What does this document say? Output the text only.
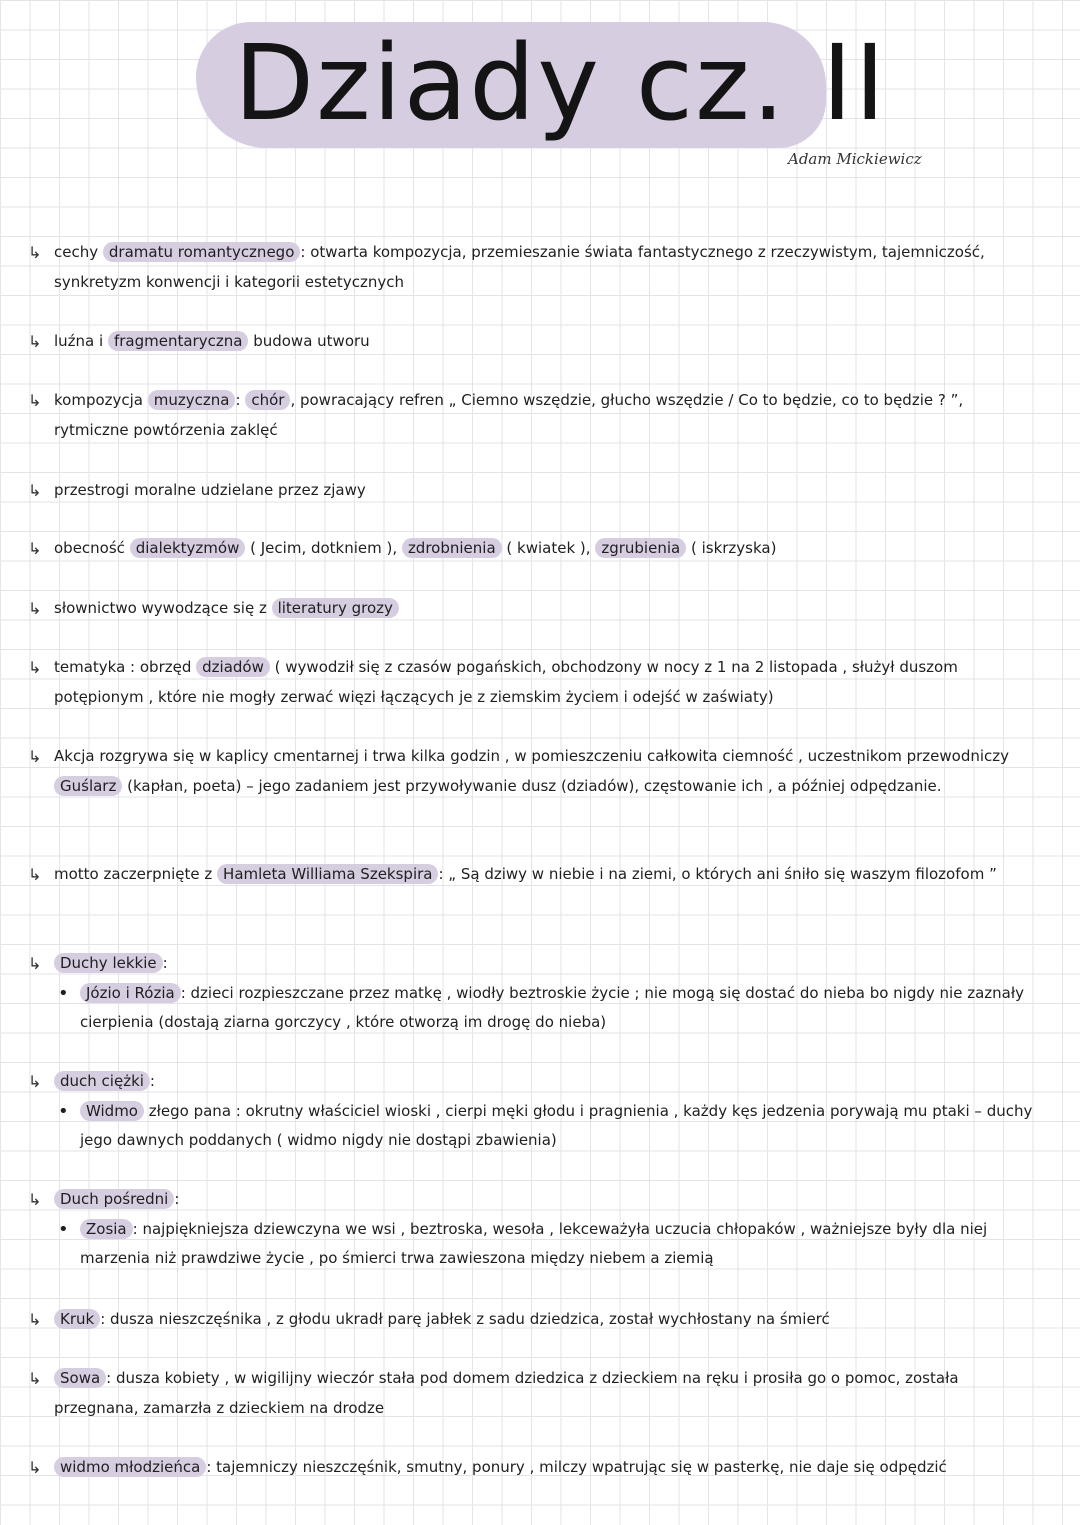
Dziady cz. II
Adam Mickiewicz
↳ cechy dramatu romantycznego : otwarta kompozycja, przemieszanie świata fantastycznego z rzeczywistym, tajemniczość, synkretyzm konwencji i kategorii estetycznych
↳ luźna i fragmentaryczna budowa utworu
↳ kompozycja muzyczna : chór , powracający refren „ Ciemno wszędzie, głucho wszędzie / Co to będzie, co to będzie ? ”, rytmiczne powtórzenia zaklęć
↳ przestrogi moralne udzielane przez zjawy
↳ obecność dialektyzmów ( Jecim, dotkniem ), zdrobnienia ( kwiatek ), zgrubienia ( iskrzyska)
↳ słownictwo wywodzące się z literatury grozy
↳ tematyka : obrzęd dziadów ( wywodził się z czasów pogańskich, obchodzony w nocy z 1 na 2 listopada , służył duszom potępionym , które nie mogły zerwać więzi łączących je z ziemskim życiem i odejść w zaświaty)
↳ Akcja rozgrywa się w kaplicy cmentarnej i trwa kilka godzin , w pomieszczeniu całkowita ciemność , uczestnikom przewodniczy Guślarz (kapłan, poeta) – jego zadaniem jest przywoływanie dusz (dziadów), częstowanie ich , a później odpędzanie.
↳ motto zaczerpnięte z Hamleta Williama Szekspira : „ Są dziwy w niebie i na ziemi, o których ani śniło się waszym filozofom ”
↳	Duchy lekkie :
• Józio i Rózia : dzieci rozpieszczane przez matkę , wiodły beztroskie życie ; nie mogą się dostać do nieba bo nigdy nie zaznały cierpienia (dostają ziarna gorczycy , które otworzą im drogę do nieba)
↳	duch ciężki :
• Widmo złego pana : okrutny właściciel wioski , cierpi męki głodu i pragnienia , każdy kęs jedzenia porywają mu ptaki – duchy jego dawnych poddanych ( widmo nigdy nie dostąpi zbawienia)
↳	Duch pośredni :
• Zosia : najpiękniejsza dziewczyna we wsi , beztroska, wesoła , lekceważyła uczucia chłopaków , ważniejsze były dla niej marzenia niż prawdziwe życie , po śmierci trwa zawieszona między niebem a ziemią
↳	Kruk : dusza nieszczęśnika , z głodu ukradł parę jabłek z sadu dziedzica, został wychłostany na śmierć
↳	Sowa : dusza kobiety , w wigilijny wieczór stała pod domem dziedzica z dzieckiem na ręku i prosiła go o pomoc, została przegnana, zamarzła z dzieckiem na drodze
↳	widmo młodzieńca : tajemniczy nieszczęśnik, smutny, ponury , milczy wpatrując się w pasterkę, nie daje się odpędzić
